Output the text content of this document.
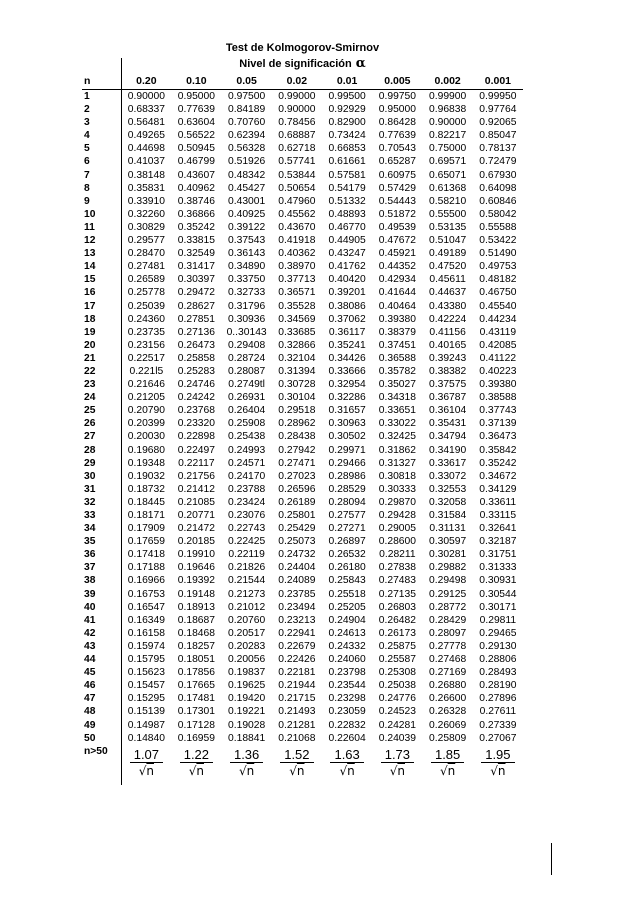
Test de Kolmogorov-Smirnov
Nivel de significación α
n	0.20	0.10	0.05	0.02	0.01	0.005	0.002	0.001
1	0.90000	0.95000	0.97500	0.99000	0.99500	0.99750	0.99900	0.99950
2	0.68337	0.77639	0.84189	0.90000	0.92929	0.95000	0.96838	0.97764
3	0.56481	0.63604	0.70760	0.78456	0.82900	0.86428	0.90000	0.92065
4	0.49265	0.56522	0.62394	0.68887	0.73424	0.77639	0.82217	0.85047
5	0.44698	0.50945	0.56328	0.62718	0.66853	0.70543	0.75000	0.78137
6	0.41037	0.46799	0.51926	0.57741	0.61661	0.65287	0.69571	0.72479
7	0.38148	0.43607	0.48342	0.53844	0.57581	0.60975	0.65071	0.67930
8	0.35831	0.40962	0.45427	0.50654	0.54179	0.57429	0.61368	0.64098
9	0.33910	0.38746	0.43001	0.47960	0.51332	0.54443	0.58210	0.60846
10	0.32260	0.36866	0.40925	0.45562	0.48893	0.51872	0.55500	0.58042
11	0.30829	0.35242	0.39122	0.43670	0.46770	0.49539	0.53135	0.55588
12	0.29577	0.33815	0.37543	0.41918	0.44905	0.47672	0.51047	0.53422
13	0.28470	0.32549	0.36143	0.40362	0.43247	0.45921	0.49189	0.51490
14	0.27481	0.31417	0.34890	0.38970	0.41762	0.44352	0.47520	0.49753
15	0.26589	0.30397	0.33750	0.37713	0.40420	0.42934	0.45611	0.48182
16	0.25778	0.29472	0.32733	0.36571	0.39201	0.41644	0.44637	0.46750
17	0.25039	0.28627	0.31796	0.35528	0.38086	0.40464	0.43380	0.45540
18	0.24360	0.27851	0.30936	0.34569	0.37062	0.39380	0.42224	0.44234
19	0.23735	0.27136	0..30143	0.33685	0.36117	0.38379	0.41156	0.43119
20	0.23156	0.26473	0.29408	0.32866	0.35241	0.37451	0.40165	0.42085
21	0.22517	0.25858	0.28724	0.32104	0.34426	0.36588	0.39243	0.41122
22	0.221l5	0.25283	0.28087	0.31394	0.33666	0.35782	0.38382	0.40223
23	0.21646	0.24746	0.2749tl	0.30728	0.32954	0.35027	0.37575	0.39380
24	0.21205	0.24242	0.26931	0.30104	0.32286	0.34318	0.36787	0.38588
25	0.20790	0.23768	0.26404	0.29518	0.31657	0.33651	0.36104	0.37743
26	0.20399	0.23320	0.25908	0.28962	0.30963	0.33022	0.35431	0.37139
27	0.20030	0.22898	0.25438	0.28438	0.30502	0.32425	0.34794	0.36473
28	0.19680	0.22497	0.24993	0.27942	0.29971	0.31862	0.34190	0.35842
29	0.19348	0.22117	0.24571	0.27471	0.29466	0.31327	0.33617	0.35242
30	0.19032	0.21756	0.24170	0.27023	0.28986	0.30818	0.33072	0.34672
31	0.18732	0.21412	0.23788	0.26596	0.28529	0.30333	0.32553	0.34129
32	0.18445	0.21085	0.23424	0.26189	0.28094	0.29870	0.32058	0.33611
33	0.18171	0.20771	0.23076	0.25801	0.27577	0.29428	0.31584	0.33115
34	0.17909	0.21472	0.22743	0.25429	0.27271	0.29005	0.31131	0.32641
35	0.17659	0.20185	0.22425	0.25073	0.26897	0.28600	0.30597	0.32187
36	0.17418	0.19910	0.22119	0.24732	0.26532	0.28211	0.30281	0.31751
37	0.17188	0.19646	0.21826	0.24404	0.26180	0.27838	0.29882	0.31333
38	0.16966	0.19392	0.21544	0.24089	0.25843	0.27483	0.29498	0.30931
39	0.16753	0.19148	0.21273	0.23785	0.25518	0.27135	0.29125	0.30544
40	0.16547	0.18913	0.21012	0.23494	0.25205	0.26803	0.28772	0.30171
41	0.16349	0.18687	0.20760	0.23213	0.24904	0.26482	0.28429	0.29811
42	0.16158	0.18468	0.20517	0.22941	0.24613	0.26173	0.28097	0.29465
43	0.15974	0.18257	0.20283	0.22679	0.24332	0.25875	0.27778	0.29130
44	0.15795	0.18051	0.20056	0.22426	0.24060	0.25587	0.27468	0.28806
45	0.15623	0.17856	0.19837	0.22181	0.23798	0.25308	0.27169	0.28493
46	0.15457	0.17665	0.19625	0.21944	0.23544	0.25038	0.26880	0.28190
47	0.15295	0.17481	0.19420	0.21715	0.23298	0.24776	0.26600	0.27896
48	0.15139	0.17301	0.19221	0.21493	0.23059	0.24523	0.26328	0.27611
49	0.14987	0.17128	0.19028	0.21281	0.22832	0.24281	0.26069	0.27339
50	0.14840	0.16959	0.18841	0.21068	0.22604	0.24039	0.25809	0.27067
n>50	$\frac{1.07}{√n}$	$\frac{1.22}{√n}$	$\frac{1.36}{√n}$	$\frac{1.52}{√n}$	$\frac{1.63}{√n}$	$\frac{1.73}{√n}$	$\frac{1.85}{√n}$	$\frac{1.95}{√n}$
